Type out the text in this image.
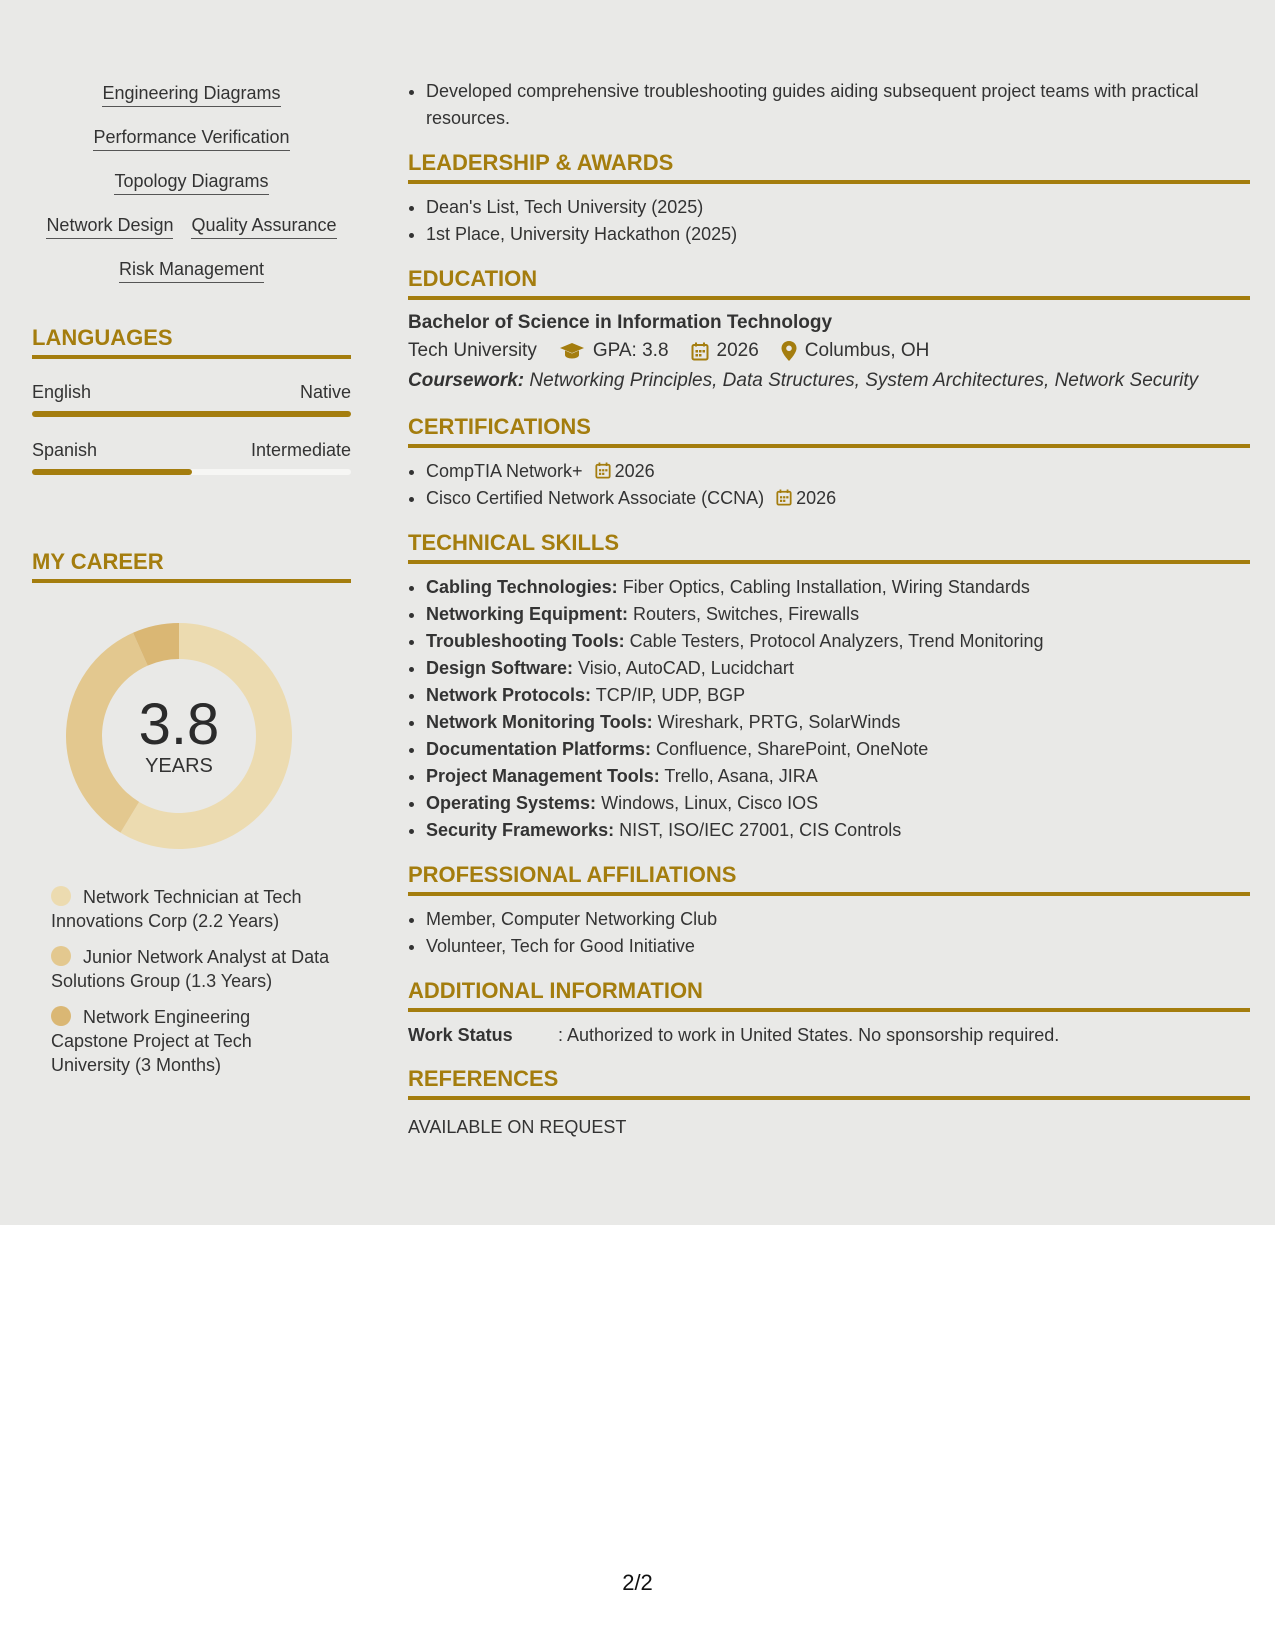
Engineering Diagrams
Performance Verification
Topology Diagrams
Network Design Quality Assurance
Risk Management
LANGUAGES
English	Native
Spanish	Intermediate
MY CAREER
3.8
YEARS
Network Technician at Tech Innovations Corp (2.2 Years)
Junior Network Analyst at Data Solutions Group (1.3 Years)
Network Engineering Capstone Project at Tech University (3 Months)
• Developed comprehensive troubleshooting guides aiding subsequent project teams with practical resources.
LEADERSHIP & AWARDS
• Dean's List, Tech University (2025)
• 1st Place, University Hackathon (2025)
EDUCATION
Bachelor of Science in Information Technology
Tech University	GPA: 3.8	2026 Columbus, OH
Coursework: Networking Principles, Data Structures, System Architectures, Network Security
CERTIFICATIONS
• CompTIA Network+ 2026
• Cisco Certified Network Associate (CCNA) 2026
TECHNICAL SKILLS
• Cabling Technologies: Fiber Optics, Cabling Installation, Wiring Standards
• Networking Equipment: Routers, Switches, Firewalls
• Troubleshooting Tools: Cable Testers, Protocol Analyzers, Trend Monitoring
• Design Software: Visio, AutoCAD, Lucidchart
• Network Protocols: TCP/IP, UDP, BGP
• Network Monitoring Tools: Wireshark, PRTG, SolarWinds
• Documentation Platforms: Confluence, SharePoint, OneNote
• Project Management Tools: Trello, Asana, JIRA
• Operating Systems: Windows, Linux, Cisco IOS
• Security Frameworks: NIST, ISO/IEC 27001, CIS Controls
PROFESSIONAL AFFILIATIONS
• Member, Computer Networking Club
• Volunteer, Tech for Good Initiative
ADDITIONAL INFORMATION
Work Status	: Authorized to work in United States. No sponsorship required.
REFERENCES
AVAILABLE ON REQUEST
2/2
